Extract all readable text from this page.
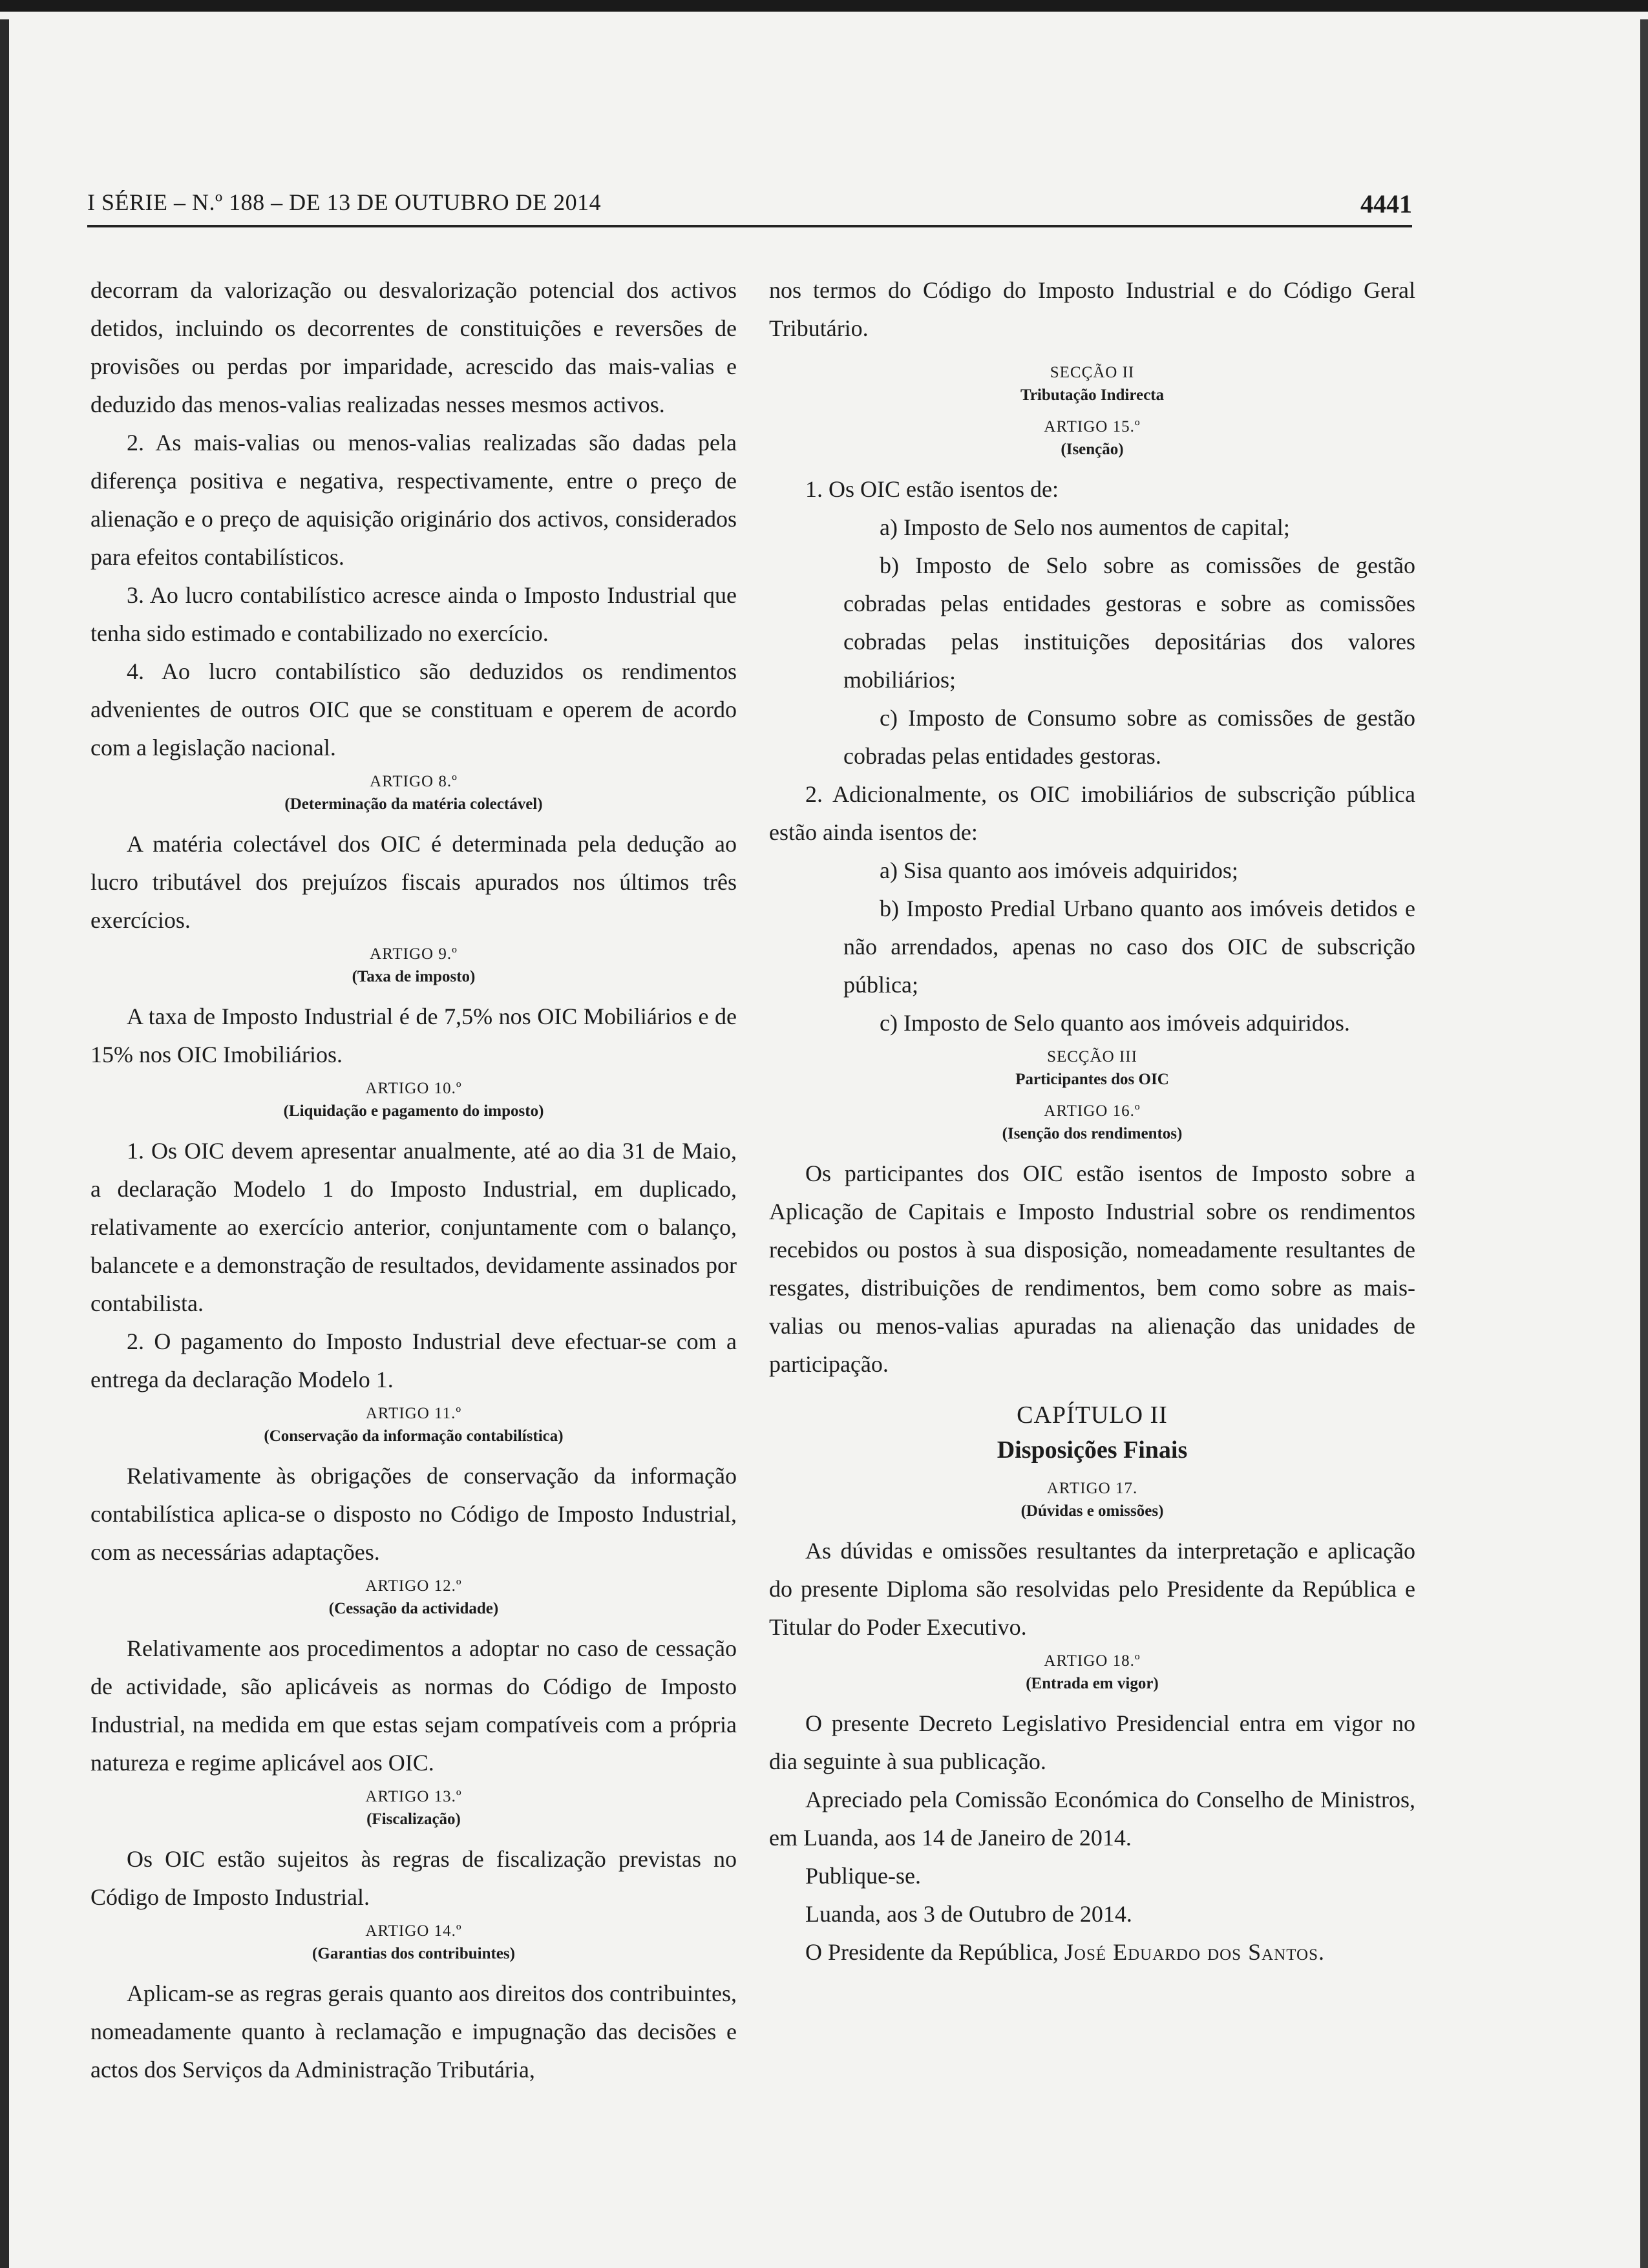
I SÉRIE – N.º 188 – DE 13 DE OUTUBRO DE 2014	4441

decorram da valorização ou desvalorização potencial dos activos detidos, incluindo os decorrentes de constituições e reversões de provisões ou perdas por imparidade, acrescido das mais-valias e deduzido das menos-valias realizadas nesses mesmos activos.

2. As mais-valias ou menos-valias realizadas são dadas pela diferença positiva e negativa, respectivamente, entre o preço de alienação e o preço de aquisição originário dos activos, considerados para efeitos contabilísticos.

3. Ao lucro contabilístico acresce ainda o Imposto Industrial que tenha sido estimado e contabilizado no exercício.

4. Ao lucro contabilístico são deduzidos os rendimentos advenientes de outros OIC que se constituam e operem de acordo com a legislação nacional.

ARTIGO 8.º
(Determinação da matéria colectável)

A matéria colectável dos OIC é determinada pela dedução ao lucro tributável dos prejuízos fiscais apurados nos últimos três exercícios.

ARTIGO 9.º
(Taxa de imposto)

A taxa de Imposto Industrial é de 7,5% nos OIC Mobiliários e de 15% nos OIC Imobiliários.

ARTIGO 10.º
(Liquidação e pagamento do imposto)

1. Os OIC devem apresentar anualmente, até ao dia 31 de Maio, a declaração Modelo 1 do Imposto Industrial, em duplicado, relativamente ao exercício anterior, conjuntamente com o balanço, balancete e a demonstração de resultados, devidamente assinados por contabilista.

2. O pagamento do Imposto Industrial deve efectuar-se com a entrega da declaração Modelo 1.

ARTIGO 11.º
(Conservação da informação contabilística)

Relativamente às obrigações de conservação da informação contabilística aplica-se o disposto no Código de Imposto Industrial, com as necessárias adaptações.

ARTIGO 12.º
(Cessação da actividade)

Relativamente aos procedimentos a adoptar no caso de cessação de actividade, são aplicáveis as normas do Código de Imposto Industrial, na medida em que estas sejam compatíveis com a própria natureza e regime aplicável aos OIC.

ARTIGO 13.º
(Fiscalização)

Os OIC estão sujeitos às regras de fiscalização previstas no Código de Imposto Industrial.

ARTIGO 14.º
(Garantias dos contribuintes)

Aplicam-se as regras gerais quanto aos direitos dos contribuintes, nomeadamente quanto à reclamação e impugnação das decisões e actos dos Serviços da Administração Tributária,

nos termos do Código do Imposto Industrial e do Código Geral Tributário.

SECÇÃO II
Tributação Indirecta
ARTIGO 15.º
(Isenção)

1. Os OIC estão isentos de:

a) Imposto de Selo nos aumentos de capital;

b) Imposto de Selo sobre as comissões de gestão cobradas pelas entidades gestoras e sobre as comissões cobradas pelas instituições depositárias dos valores mobiliários;

c) Imposto de Consumo sobre as comissões de gestão cobradas pelas entidades gestoras.

2. Adicionalmente, os OIC imobiliários de subscrição pública estão ainda isentos de:

a) Sisa quanto aos imóveis adquiridos;

b) Imposto Predial Urbano quanto aos imóveis detidos e não arrendados, apenas no caso dos OIC de subscrição pública;

c) Imposto de Selo quanto aos imóveis adquiridos.

SECÇÃO III
Participantes dos OIC
ARTIGO 16.º
(Isenção dos rendimentos)

Os participantes dos OIC estão isentos de Imposto sobre a Aplicação de Capitais e Imposto Industrial sobre os rendimentos recebidos ou postos à sua disposição, nomeadamente resultantes de resgates, distribuições de rendimentos, bem como sobre as mais-valias ou menos-valias apuradas na alienação das unidades de participação.

CAPÍTULO II
Disposições Finais
ARTIGO 17.
(Dúvidas e omissões)

As dúvidas e omissões resultantes da interpretação e aplicação do presente Diploma são resolvidas pelo Presidente da República e Titular do Poder Executivo.

ARTIGO 18.º
(Entrada em vigor)

O presente Decreto Legislativo Presidencial entra em vigor no dia seguinte à sua publicação.

Apreciado pela Comissão Económica do Conselho de Ministros, em Luanda, aos 14 de Janeiro de 2014.

Publique-se.

Luanda, aos 3 de Outubro de 2014.

O Presidente da República, José Eduardo dos Santos.
